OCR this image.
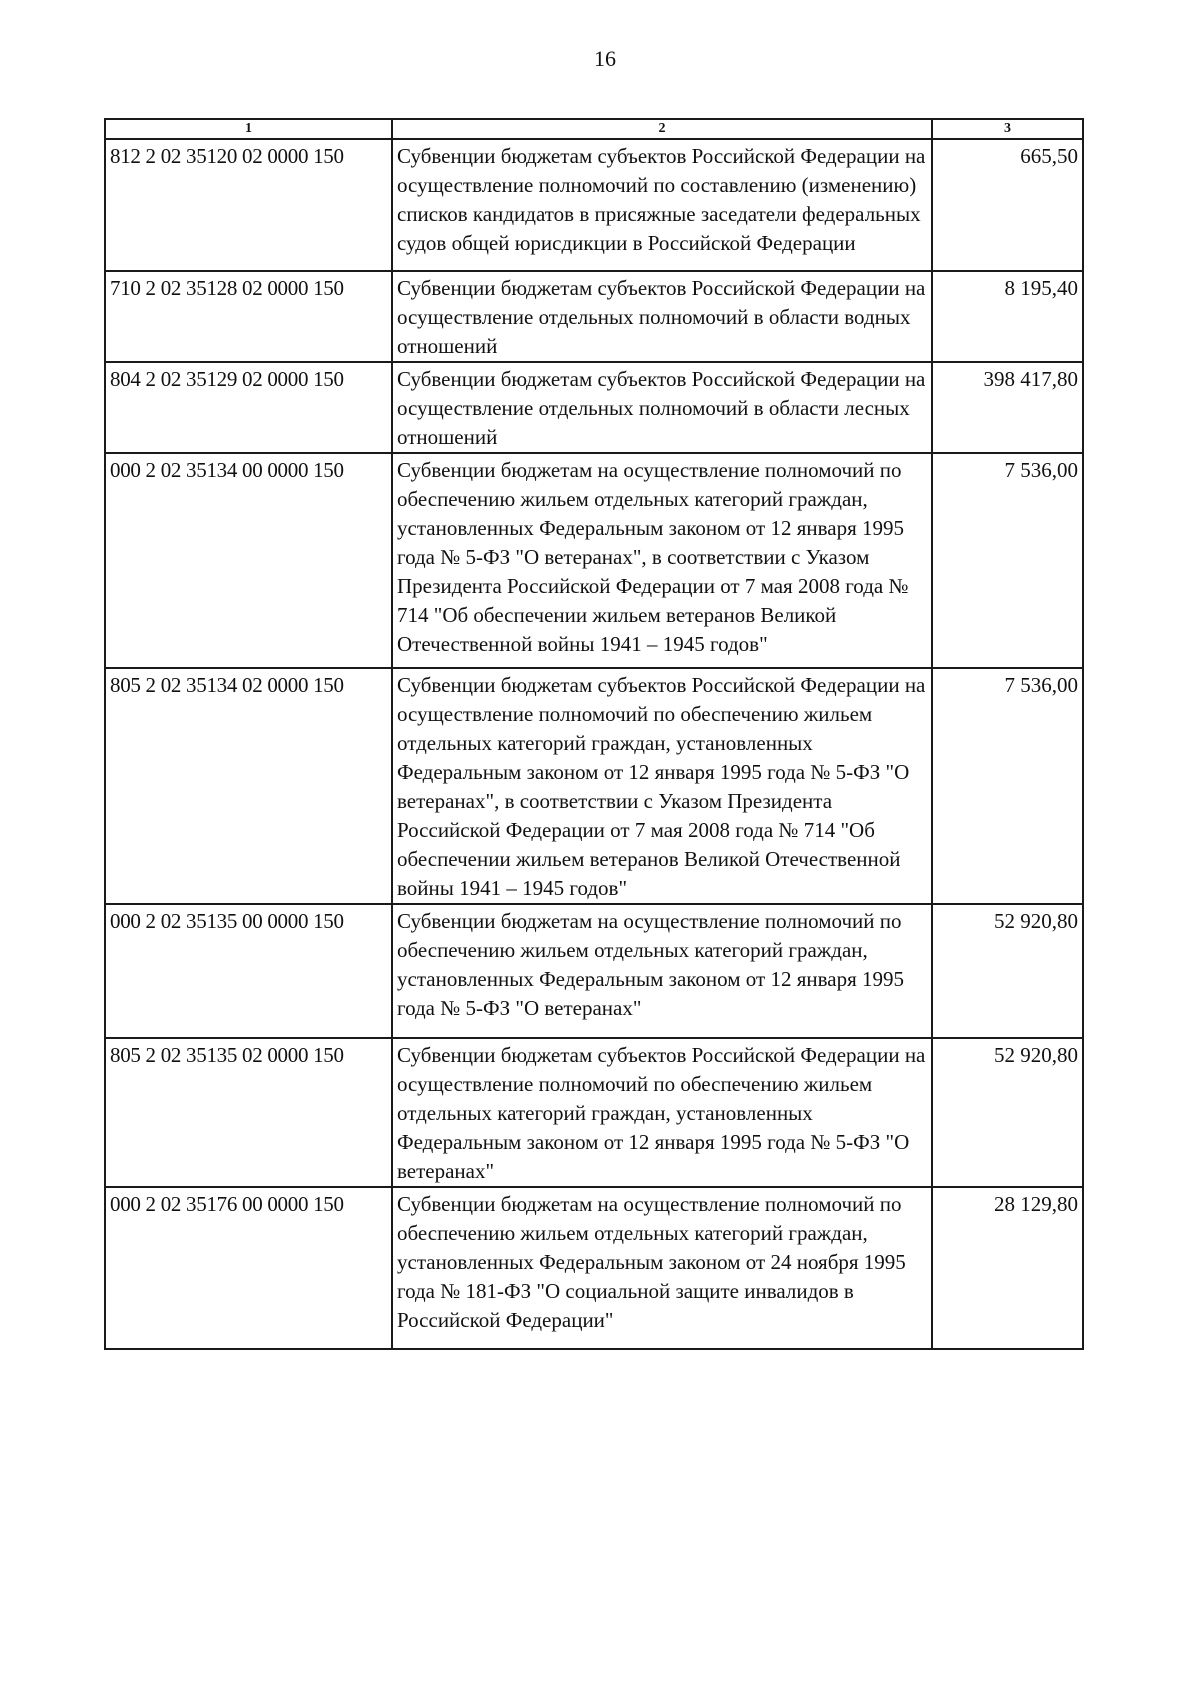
16
1	2	3
812 2 02 35120 02 0000 150	Субвенции бюджетам субъектов Российской Федерации на осуществление полномочий по составлению (изменению) списков кандидатов в присяжные заседатели федеральных судов общей юрисдикции в Российской Федерации	665,50
710 2 02 35128 02 0000 150	Субвенции бюджетам субъектов Российской Федерации на осуществление отдельных полномочий в области водных отношений	8 195,40
804 2 02 35129 02 0000 150	Субвенции бюджетам субъектов Российской Федерации на осуществление отдельных полномочий в области лесных отношений	398 417,80
000 2 02 35134 00 0000 150	Субвенции бюджетам на осуществление полномочий по обеспечению жильем отдельных категорий граждан, установленных Федеральным законом от 12 января 1995 года № 5-ФЗ "О ветеранах", в соответствии с Указом Президента Российской Федерации от 7 мая 2008 года № 714 "Об обеспечении жильем ветеранов Великой Отечественной войны 1941 – 1945 годов"	7 536,00
805 2 02 35134 02 0000 150	Субвенции бюджетам субъектов Российской Федерации на осуществление полномочий по обеспечению жильем отдельных категорий граждан, установленных Федеральным законом от 12 января 1995 года № 5-ФЗ "О ветеранах", в соответствии с Указом Президента Российской Федерации от 7 мая 2008 года № 714 "Об обеспечении жильем ветеранов Великой Отечественной войны 1941 – 1945 годов"	7 536,00
000 2 02 35135 00 0000 150	Субвенции бюджетам на осуществление полномочий по обеспечению жильем отдельных категорий граждан, установленных Федеральным законом от 12 января 1995 года № 5-ФЗ "О ветеранах"	52 920,80
805 2 02 35135 02 0000 150	Субвенции бюджетам субъектов Российской Федерации на осуществление полномочий по обеспечению жильем отдельных категорий граждан, установленных Федеральным законом от 12 января 1995 года № 5-ФЗ "О ветеранах"	52 920,80
000 2 02 35176 00 0000 150	Субвенции бюджетам на осуществление полномочий по обеспечению жильем отдельных категорий граждан, установленных Федеральным законом от 24 ноября 1995 года № 181-ФЗ "О социальной защите инвалидов в Российской Федерации"	28 129,80
